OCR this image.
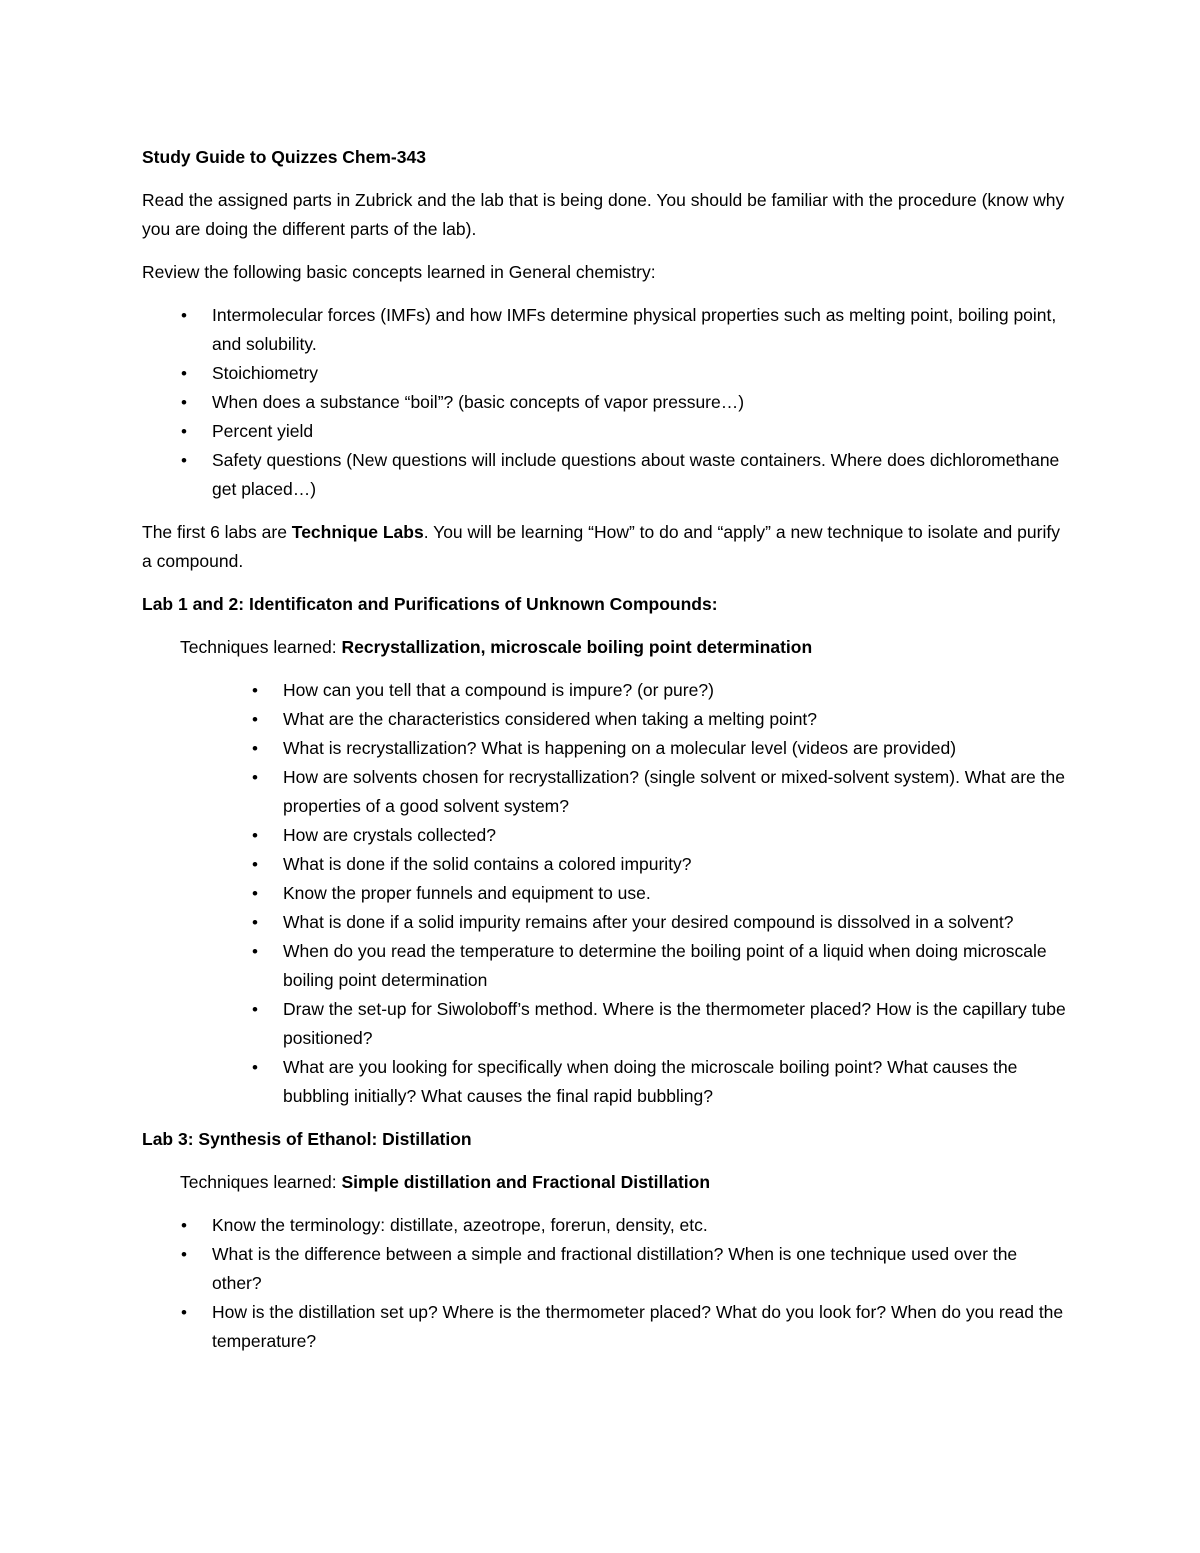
Study Guide to Quizzes Chem-343

Read the assigned parts in Zubrick and the lab that is being done. You should be familiar with the procedure (know why you are doing the different parts of the lab).

Review the following basic concepts learned in General chemistry:

•	Intermolecular forces (IMFs) and how IMFs determine physical properties such as melting point, boiling point, and solubility.
•	Stoichiometry
•	When does a substance “boil”? (basic concepts of vapor pressure…)
•	Percent yield
•	Safety questions (New questions will include questions about waste containers. Where does dichloromethane get placed…)

The first 6 labs are Technique Labs. You will be learning “How” to do and “apply” a new technique to isolate and purify a compound.

Lab 1 and 2: Identificaton and Purifications of Unknown Compounds:

Techniques learned: Recrystallization, microscale boiling point determination

•	How can you tell that a compound is impure? (or pure?)
•	What are the characteristics considered when taking a melting point?
•	What is recrystallization? What is happening on a molecular level (videos are provided)
•	How are solvents chosen for recrystallization? (single solvent or mixed-solvent system). What are the properties of a good solvent system?
•	How are crystals collected?
•	What is done if the solid contains a colored impurity?
•	Know the proper funnels and equipment to use.
•	What is done if a solid impurity remains after your desired compound is dissolved in a solvent?
•	When do you read the temperature to determine the boiling point of a liquid when doing microscale boiling point determination
•	Draw the set-up for Siwoloboff’s method. Where is the thermometer placed? How is the capillary tube positioned?
•	What are you looking for specifically when doing the microscale boiling point? What causes the bubbling initially? What causes the final rapid bubbling?

Lab 3: Synthesis of Ethanol: Distillation

Techniques learned: Simple distillation and Fractional Distillation

•	Know the terminology: distillate, azeotrope, forerun, density, etc.
•	What is the difference between a simple and fractional distillation? When is one technique used over the other?
•	How is the distillation set up? Where is the thermometer placed? What do you look for? When do you read the temperature?
